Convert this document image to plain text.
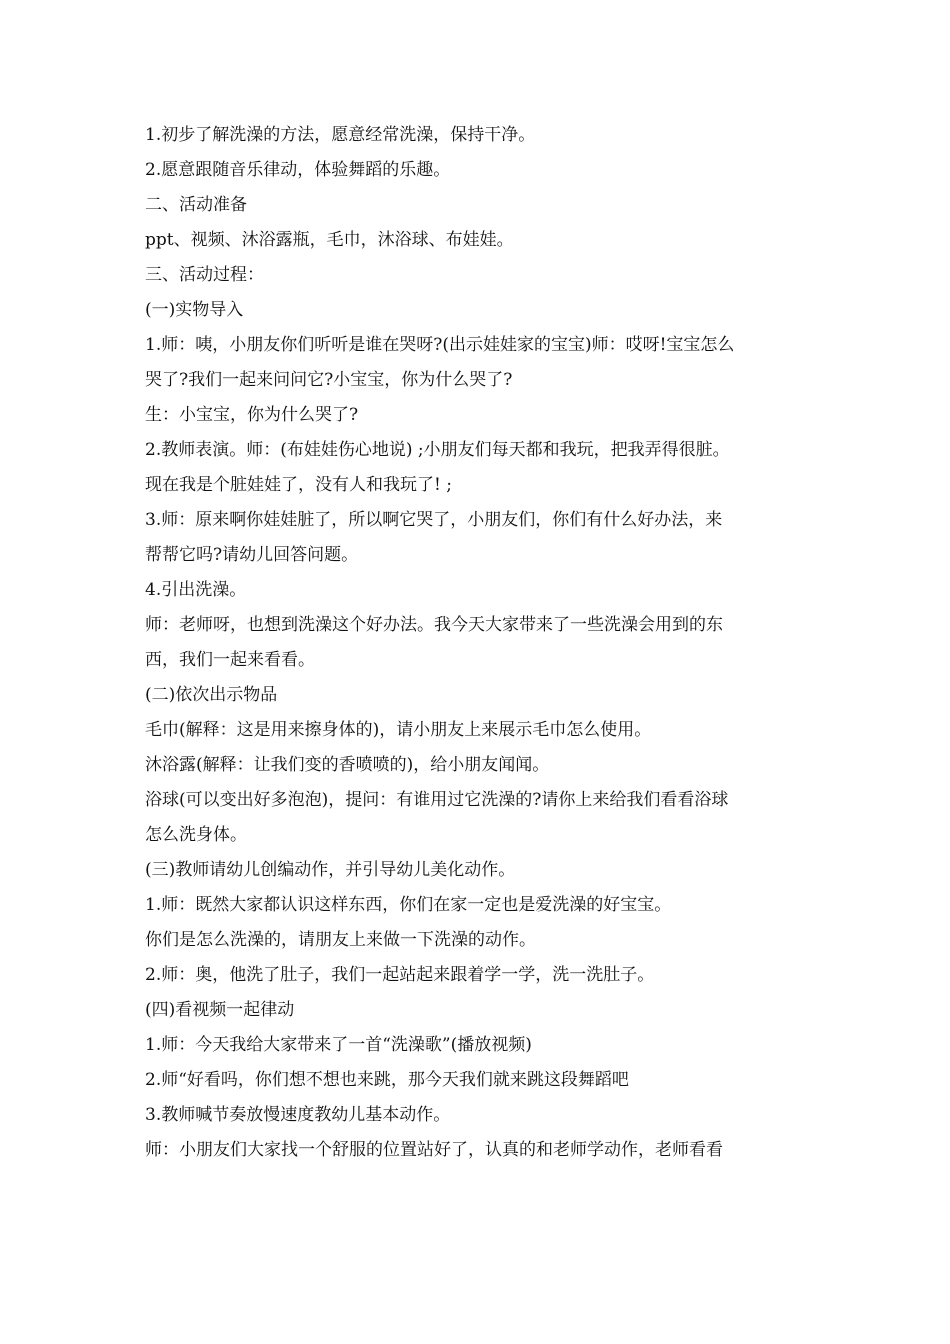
1.初步了解洗澡的方法，愿意经常洗澡，保持干净。
2.愿意跟随音乐律动，体验舞蹈的乐趣。
二、活动准备
ppt、视频、沐浴露瓶，毛巾，沐浴球、布娃娃。
三、活动过程：
(一)实物导入
1.师：咦，小朋友你们听听是谁在哭呀?(出示娃娃家的宝宝)师：哎呀!宝宝怎么
哭了?我们一起来问问它?小宝宝，你为什么哭了?
生：小宝宝，你为什么哭了?
2.教师表演。师：(布娃娃伤心地说) ;小朋友们每天都和我玩，把我弄得很脏。
现在我是个脏娃娃了，没有人和我玩了! ;
3.师：原来啊你娃娃脏了，所以啊它哭了，小朋友们，你们有什么好办法，来
帮帮它吗?请幼儿回答问题。
4.引出洗澡。
师：老师呀，也想到洗澡这个好办法。我今天大家带来了一些洗澡会用到的东
西，我们一起来看看。
(二)依次出示物品
毛巾(解释：这是用来擦身体的)，请小朋友上来展示毛巾怎么使用。
沐浴露(解释：让我们变的香喷喷的)，给小朋友闻闻。
浴球(可以变出好多泡泡)，提问：有谁用过它洗澡的?请你上来给我们看看浴球
怎么洗身体。
(三)教师请幼儿创编动作，并引导幼儿美化动作。
1.师：既然大家都认识这样东西，你们在家一定也是爱洗澡的好宝宝。
你们是怎么洗澡的，请朋友上来做一下洗澡的动作。
2.师：奥，他洗了肚子，我们一起站起来跟着学一学，洗一洗肚子。
(四)看视频一起律动
1.师：今天我给大家带来了一首“洗澡歌”(播放视频)
2.师“好看吗，你们想不想也来跳，那今天我们就来跳这段舞蹈吧
3.教师喊节奏放慢速度教幼儿基本动作。
师：小朋友们大家找一个舒服的位置站好了，认真的和老师学动作，老师看看
